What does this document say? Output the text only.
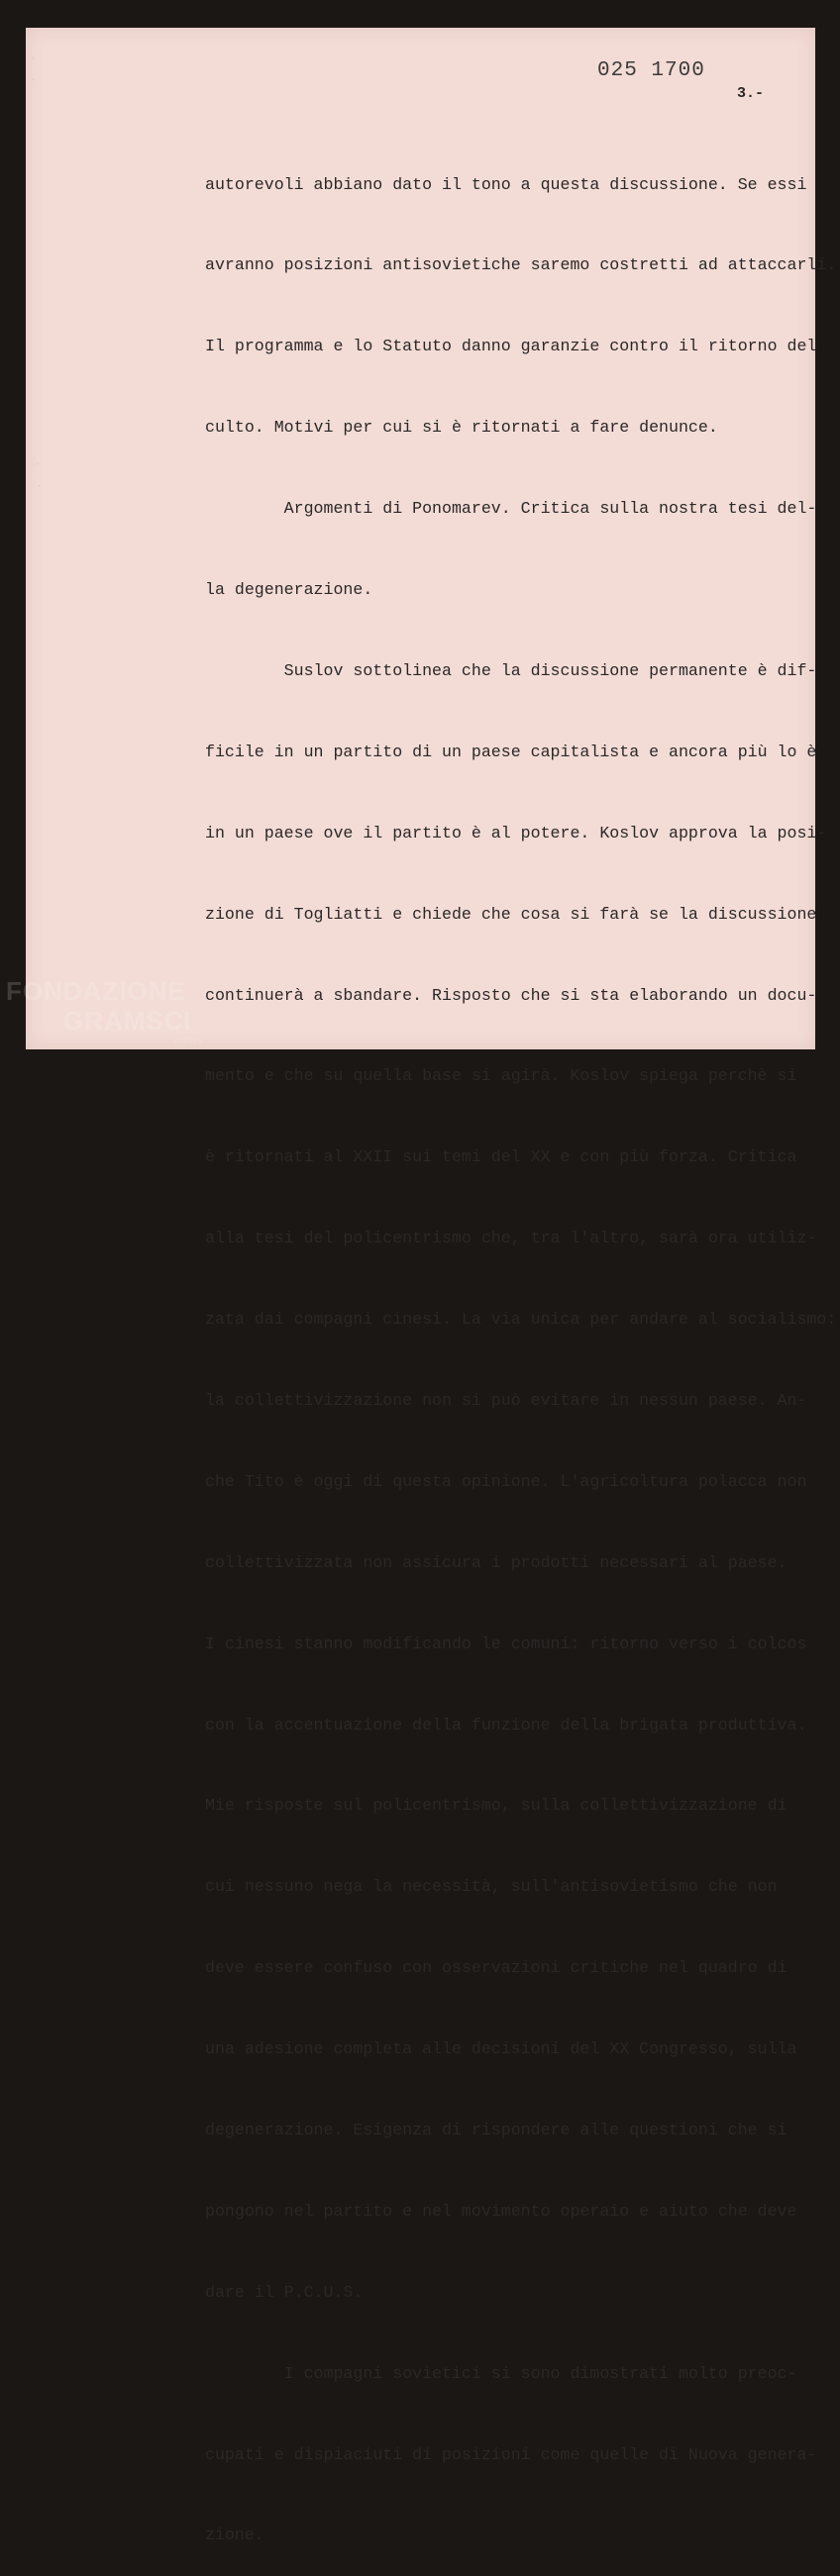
·
·
·
·
025 1700
3.-

autorevoli abbiano dato il tono a questa discussione. Se essi

avranno posizioni antisovietiche saremo costretti ad attaccarli.

Il programma e lo Statuto danno garanzie contro il ritorno del

culto. Motivi per cui si è ritornati a fare denunce.

Argomenti di Ponomarev. Critica sulla nostra tesi del-

la degenerazione.

Suslov sottolinea che la discussione permanente è dif-

ficile in un partito di un paese capitalista e ancora più lo è

in un paese ove il partito è al potere. Koslov approva la posi-

zione di Togliatti e chiede che cosa si farà se la discussione

continuerà a sbandare. Risposto che si sta elaborando un docu-

mento e che su quella base si agirà. Koslov spiega perchè si

è ritornati al XXII sui temi del XX e con più forza. Critica

alla tesi del policentrismo che, tra l'altro, sarà ora utiliz-

zata dai compagni cinesi. La via unica per andare al socialismo:

la collettivizzazione non si può evitare in nessun paese. An-

che Tito è oggi di questa opinione. L'agricoltura polacca non

collettivizzata non assicura i prodotti necessari al paese.

I cinesi stanno modificando le comuni: ritorno verso i colcos

con la accentuazione della funzione della brigata produttiva.

Mie risposte sul policentrismo, sulla collettivizzazione di

cui nessuno nega la necessità, sull'antisovietismo che non

deve essere confuso con osservazioni critiche nel quadro di

una adesione completa alle decisioni del XX Congresso, sulla

degenerazione. Esigenza di rispondere alle questioni che si

pongono nel partito e nel movimento operaio e aiuto che deve

dare il P.C.U.S.

I compagni sovietici si sono dimostrati molto preoc-

cupati e dispiaciuti di posizioni come quelle di Nuova genera-

zione.

FONDAZIONE
GRAMSCI
onlus
